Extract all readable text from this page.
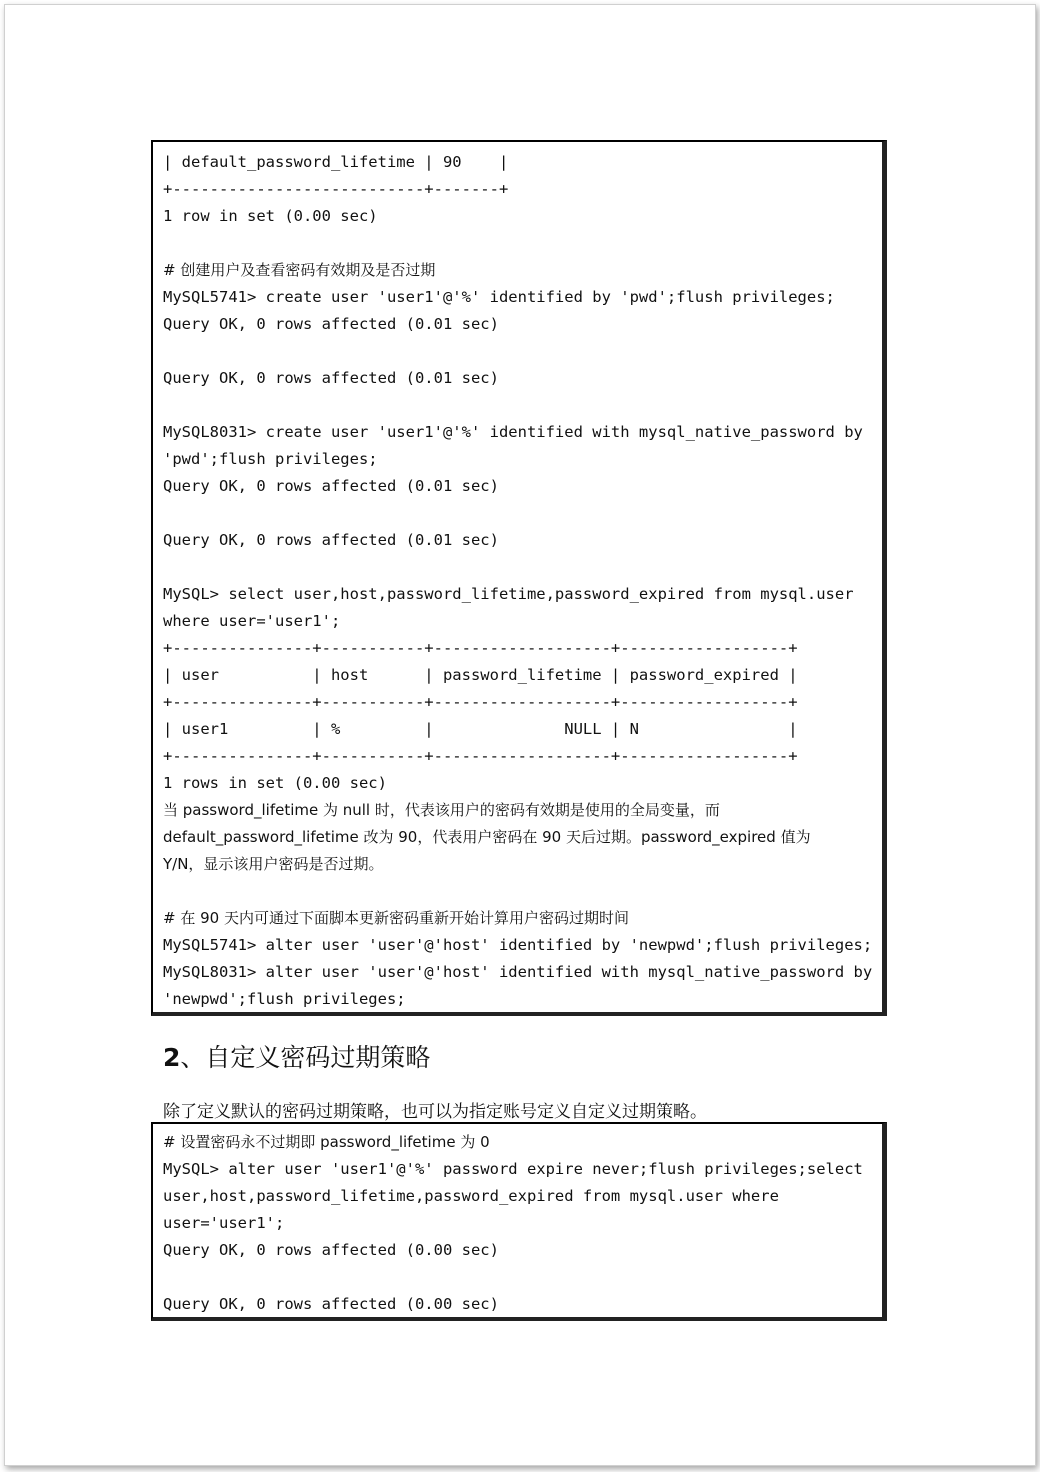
| default_password_lifetime | 90    |
+---------------------------+-------+
1 row in set (0.00 sec)
# 创建用户及查看密码有效期及是否过期
MySQL5741> create user 'user1'@'%' identified by 'pwd';flush privileges;
Query OK, 0 rows affected (0.01 sec)
Query OK, 0 rows affected (0.01 sec)
MySQL8031> create user 'user1'@'%' identified with mysql_native_password by
'pwd';flush privileges;
Query OK, 0 rows affected (0.01 sec)
Query OK, 0 rows affected (0.01 sec)
MySQL> select user,host,password_lifetime,password_expired from mysql.user
where user='user1';
+---------------+-----------+-------------------+------------------+
| user          | host      | password_lifetime | password_expired |
+---------------+-----------+-------------------+------------------+
| user1         | %         |              NULL | N                |
+---------------+-----------+-------------------+------------------+
1 rows in set (0.00 sec)
当 password_lifetime 为 null 时，代表该用户的密码有效期是使用的全局变量，而
default_password_lifetime 改为 90，代表用户密码在 90 天后过期。password_expired 值为
Y/N，显示该用户密码是否过期。
# 在 90 天内可通过下面脚本更新密码重新开始计算用户密码过期时间
MySQL5741> alter user 'user'@'host' identified by 'newpwd';flush privileges;
MySQL8031> alter user 'user'@'host' identified with mysql_native_password by
'newpwd';flush privileges;
2、自定义密码过期策略
除了定义默认的密码过期策略，也可以为指定账号定义自定义过期策略。
# 设置密码永不过期即 password_lifetime 为 0
MySQL> alter user 'user1'@'%' password expire never;flush privileges;select
user,host,password_lifetime,password_expired from mysql.user where
user='user1';
Query OK, 0 rows affected (0.00 sec)
Query OK, 0 rows affected (0.00 sec)
